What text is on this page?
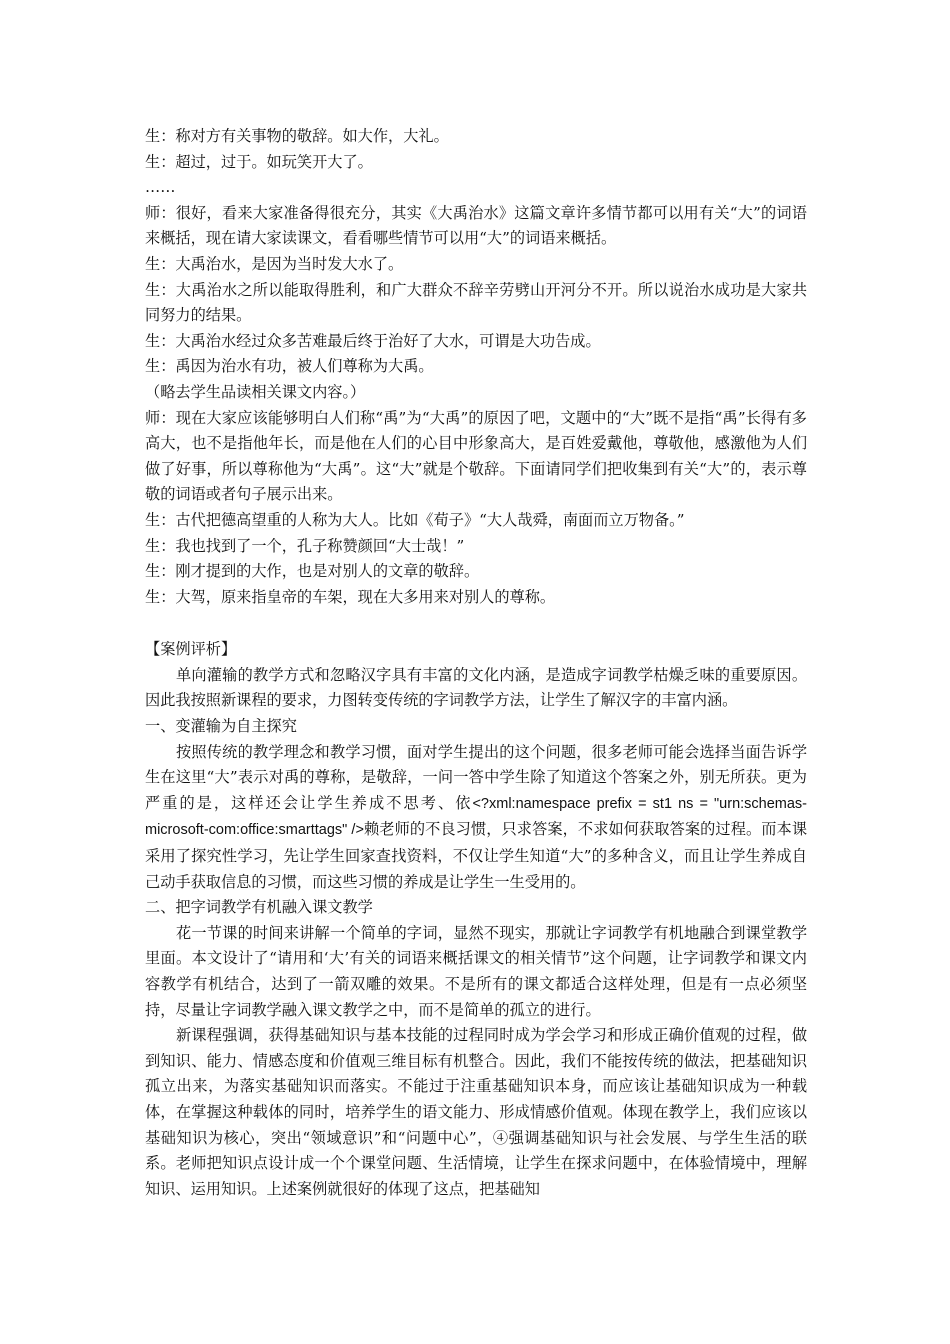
生：称对方有关事物的敬辞。如大作，大礼。

生：超过，过于。如玩笑开大了。

……

师：很好，看来大家准备得很充分，其实《大禹治水》这篇文章许多情节都可以用有关“大”的词语来概括，现在请大家读课文，看看哪些情节可以用“大”的词语来概括。

生：大禹治水，是因为当时发大水了。

生：大禹治水之所以能取得胜利，和广大群众不辞辛劳劈山开河分不开。所以说治水成功是大家共同努力的结果。

生：大禹治水经过众多苦难最后终于治好了大水，可谓是大功告成。

生：禹因为治水有功，被人们尊称为大禹。

（略去学生品读相关课文内容。）

师：现在大家应该能够明白人们称“禹”为“大禹”的原因了吧，文题中的“大”既不是指“禹”长得有多高大，也不是指他年长，而是他在人们的心目中形象高大，是百姓爱戴他，尊敬他，感激他为人们做了好事，所以尊称他为“大禹”。这“大”就是个敬辞。下面请同学们把收集到有关“大”的，表示尊敬的词语或者句子展示出来。

生：古代把德高望重的人称为大人。比如《荀子》“大人哉舜，南面而立万物备。”

生：我也找到了一个，孔子称赞颜回“大士哉！”

生：刚才提到的大作，也是对别人的文章的敬辞。

生：大驾，原来指皇帝的车架，现在大多用来对别人的尊称。

【案例评析】

单向灌输的教学方式和忽略汉字具有丰富的文化内涵，是造成字词教学枯燥乏味的重要原因。因此我按照新课程的要求，力图转变传统的字词教学方法，让学生了解汉字的丰富内涵。

一、变灌输为自主探究

按照传统的教学理念和教学习惯，面对学生提出的这个问题，很多老师可能会选择当面告诉学生在这里“大”表示对禹的尊称，是敬辞，一问一答中学生除了知道这个答案之外，别无所获。更为严重的是，这样还会让学生养成不思考、依<?xml:namespace prefix = st1 ns = "urn:schemas-microsoft-com:office:smarttags" />赖老师的不良习惯，只求答案，不求如何获取答案的过程。而本课采用了探究性学习，先让学生回家查找资料，不仅让学生知道“大”的多种含义，而且让学生养成自己动手获取信息的习惯，而这些习惯的养成是让学生一生受用的。

二、把字词教学有机融入课文教学

花一节课的时间来讲解一个简单的字词，显然不现实，那就让字词教学有机地融合到课堂教学里面。本文设计了“请用和‘大’有关的词语来概括课文的相关情节”这个问题，让字词教学和课文内容教学有机结合，达到了一箭双雕的效果。不是所有的课文都适合这样处理，但是有一点必须坚持，尽量让字词教学融入课文教学之中，而不是简单的孤立的进行。

新课程强调，获得基础知识与基本技能的过程同时成为学会学习和形成正确价值观的过程，做到知识、能力、情感态度和价值观三维目标有机整合。因此，我们不能按传统的做法，把基础知识孤立出来，为落实基础知识而落实。不能过于注重基础知识本身，而应该让基础知识成为一种载体，在掌握这种载体的同时，培养学生的语文能力、形成情感价值观。体现在教学上，我们应该以基础知识为核心，突出“领域意识”和“问题中心”，④强调基础知识与社会发展、与学生生活的联系。老师把知识点设计成一个个课堂问题、生活情境，让学生在探求问题中，在体验情境中，理解知识、运用知识。上述案例就很好的体现了这点，把基础知
